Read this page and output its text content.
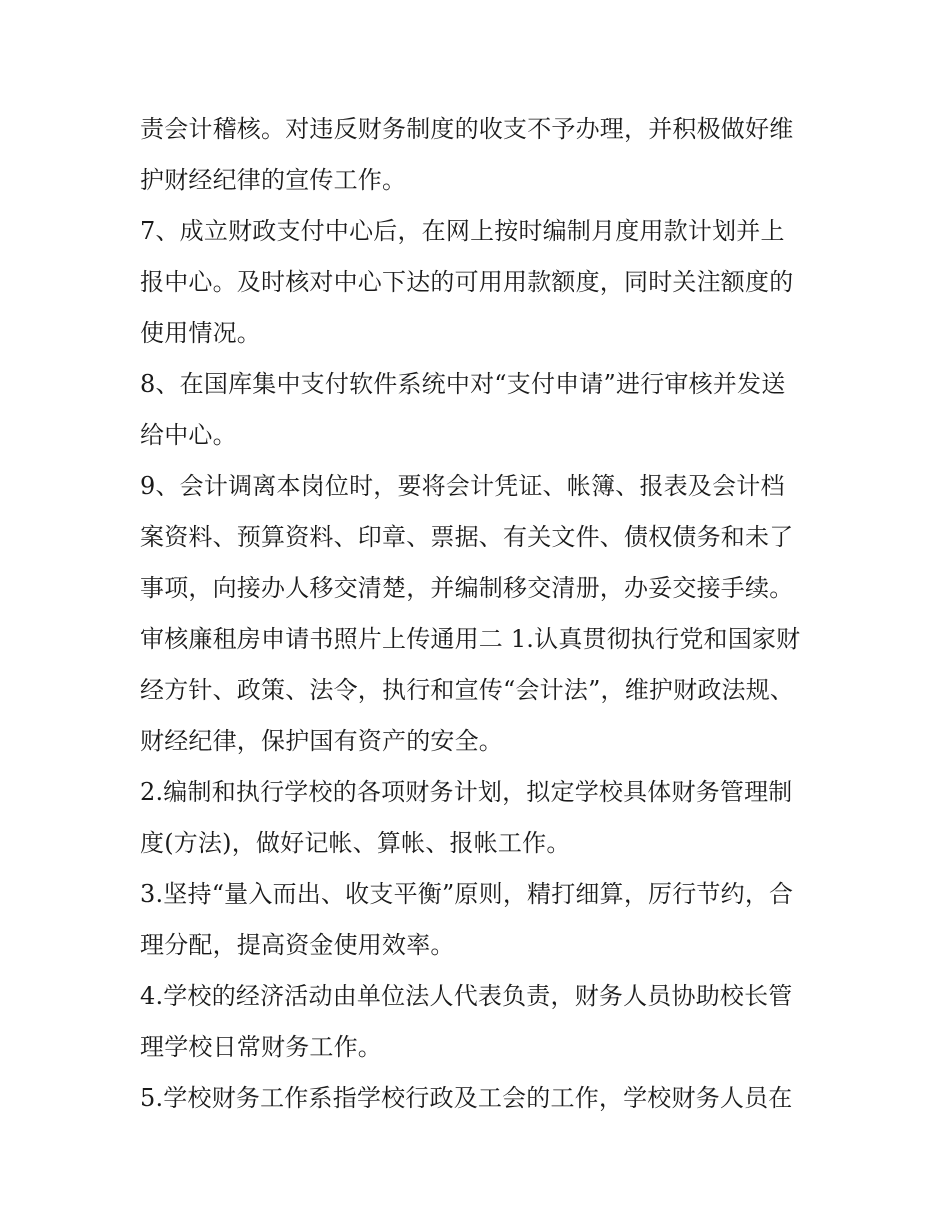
责会计稽核。对违反财务制度的收支不予办理，并积极做好维
护财经纪律的宣传工作。
7、成立财政支付中心后，在网上按时编制月度用款计划并上
报中心。及时核对中心下达的可用用款额度，同时关注额度的
使用情况。
8、在国库集中支付软件系统中对“支付申请”进行审核并发送
给中心。
9、会计调离本岗位时，要将会计凭证、帐簿、报表及会计档
案资料、预算资料、印章、票据、有关文件、债权债务和未了
事项，向接办人移交清楚，并编制移交清册，办妥交接手续。
审核廉租房申请书照片上传通用二 1.认真贯彻执行党和国家财
经方针、政策、法令，执行和宣传“会计法”，维护财政法规、
财经纪律，保护国有资产的安全。
2.编制和执行学校的各项财务计划，拟定学校具体财务管理制
度(方法)，做好记帐、算帐、报帐工作。
3.坚持“量入而出、收支平衡”原则，精打细算，厉行节约，合
理分配，提高资金使用效率。
4.学校的经济活动由单位法人代表负责，财务人员协助校长管
理学校日常财务工作。
5.学校财务工作系指学校行政及工会的工作，学校财务人员在
